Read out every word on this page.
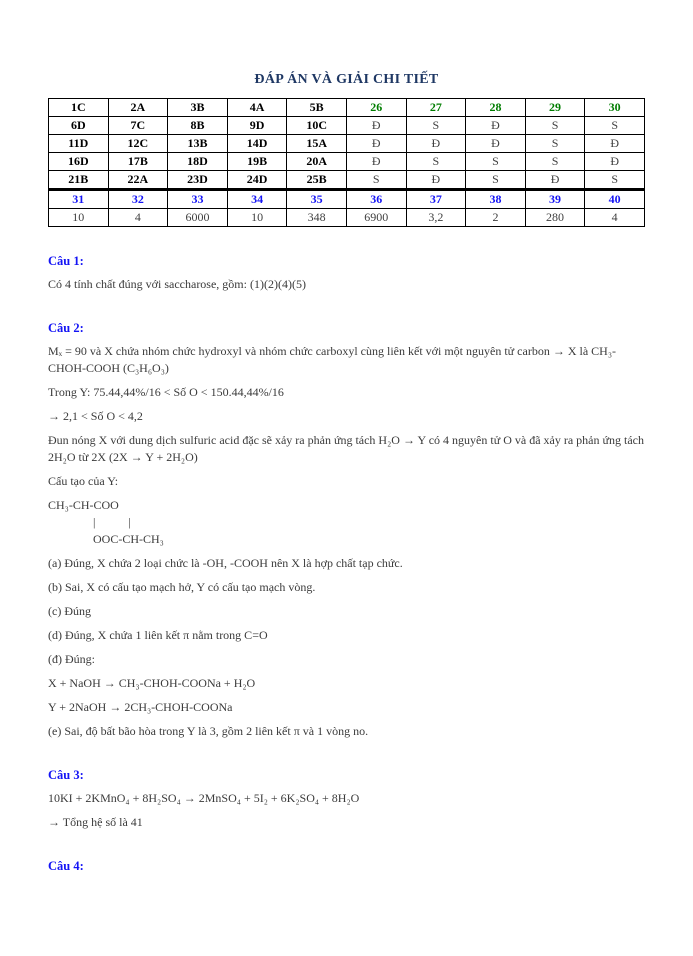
ĐÁP ÁN VÀ GIẢI CHI TIẾT
1C	2A	3B	4A	5B	26	27	28	29	30
6D	7C	8B	9D	10C	Đ	S	Đ	S	S
11D	12C	13B	14D	15A	Đ	Đ	Đ	S	Đ
16D	17B	18D	19B	20A	Đ	S	S	S	Đ
21B	22A	23D	24D	25B	S	Đ	S	Đ	S
31	32	33	34	35	36	37	38	39	40
10	4	6000	10	348	6900	3,2	2	280	4
Câu 1:

Có 4 tính chất đúng với saccharose, gồm: (1)(2)(4)(5)

Câu 2:

Mₓ = 90 và X chứa nhóm chức hydroxyl và nhóm chức carboxyl cùng liên kết với một nguyên tử carbon → X là CH₃-CHOH-COOH (C₃H₆O₃)

Trong Y: 75.44,44%/16 < Số O < 150.44,44%/16

→ 2,1 < Số O < 4,2

Đun nóng X với dung dịch sulfuric acid đặc sẽ xảy ra phản ứng tách H₂O → Y có 4 nguyên tử O và đã xảy ra phản ứng tách 2H₂O từ 2X (2X → Y + 2H₂O)

Cấu tạo của Y:

CH₃-CH-COO
|           |
OOC-CH-CH₃

(a) Đúng, X chứa 2 loại chức là -OH, -COOH nên X là hợp chất tạp chức.

(b) Sai, X có cấu tạo mạch hở, Y có cấu tạo mạch vòng.

(c) Đúng

(d) Đúng, X chứa 1 liên kết π nằm trong C=O

(đ) Đúng:

X + NaOH → CH₃-CHOH-COONa + H₂O

Y + 2NaOH → 2CH₃-CHOH-COONa

(e) Sai, độ bất bão hòa trong Y là 3, gồm 2 liên kết π và 1 vòng no.

Câu 3:

10KI + 2KMnO₄ + 8H₂SO₄ → 2MnSO₄ + 5I₂ + 6K₂SO₄ + 8H₂O

→ Tổng hệ số là 41

Câu 4:
